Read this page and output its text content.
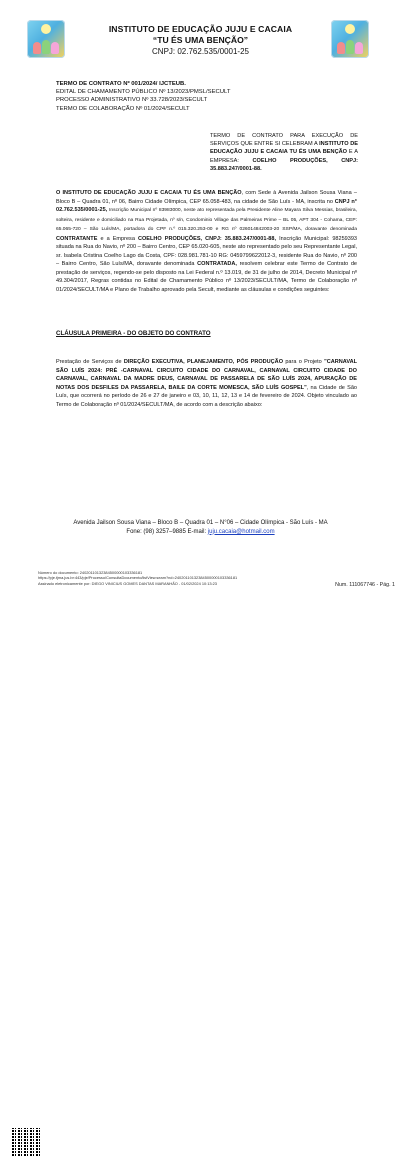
INSTITUTO DE EDUCAÇÃO JUJU E CACAIA
“TU ÉS UMA BENÇÃO”
CNPJ: 02.762.535/0001-25
TERMO DE CONTRATO Nº 001/2024/ IJCTEUB.
EDITAL DE CHAMAMENTO PÚBLICO Nº 13/2023/PMSL/SECULT
PROCESSO ADMINISTRATIVO Nº 33.728/2023/SECULT
TERMO DE COLABORAÇÃO Nº 01/2024/SECULT
TERMO DE CONTRATO PARA EXECUÇÃO DE SERVIÇOS QUE ENTRE SI CELEBRAM A INSTITUTO DE EDUCAÇÃO JUJU E CACAIA TU ÉS UMA BENÇÃO E A EMPRESA: COELHO PRODUÇÕES, CNPJ: 35.883.247/0001-88.
O INSTITUTO DE EDUCAÇÃO JUJU E CACAIA TU ÉS UMA BENÇÃO, com Sede à Avenida Jailson Sousa Viana – Bloco B – Quadra 01, nº 06, Bairro Cidade Olímpica, CEP 65.058-483, na cidade de São Luís - MA, inscrita no CNPJ n° 02.762.535/0001-25, Inscrição Municipal nº 83983000, neste ato representada pela Presidente Aline Mayara Silva Messias, brasileira, solteira, residente e domiciliado na Rua Projetada, nº s/n, Condominio Village das Palmeiras Prime – BL 05, APT 304 - Cohama, CEP: 65.065-720 – São Luís/MA, portadora do CPF n.º 015.320.253-00 e RG nº 026014842003-20 SSP/MA, doravante denominada CONTRATANTE e a Empresa COELHO PRODUÇÕES, CNPJ: 35.883.247/0001-88, Inscrição Municipal: 98259393 situada na Rua do Navio, nº 200 – Bairro Centro, CEP 65.020-605, neste ato representado pelo seu Representante Legal, sr. Isabela Cristina Coelho Lago da Costa, CPF: 028.981.781-10 RG: 0459799622012-3, residente Rua do Navio, nº 200 – Bairro Centro, São Luís/MA, doravante denominada CONTRATADA, resolvem celebrar este Termo de Contrato de prestação de serviços, regendo-se pelo disposto na Lei Federal n.º 13.019, de 31 de julho de 2014, Decreto Municipal nº 49.304/2017, Regras contidas no Edital de Chamamento Público nº 13/2023/SECULT/MA, Termo de Colaboração nº 01/2024/SECULT/MA e Plano de Trabalho aprovado pela Secult, mediante as cláusulas e condições seguintes:
CLÁUSULA PRIMEIRA - DO OBJETO DO CONTRATO
Prestação de Serviços de DIREÇÃO EXECUTIVA, PLANEJAMENTO, PÓS PRODUÇÃO para o Projeto "CARNAVAL SÃO LUÍS 2024: PRÉ -CARNAVAL CIRCUITO CIDADE DO CARNAVAL, CARNAVAL CIRCUITO CIDADE DO CARNAVAL, CARNAVAL DA MADRE DEUS, CARNAVAL DE PASSARELA DE SÃO LUÍS 2024, APURAÇÃO DE NOTAS DOS DESFILES DA PASSARELA, BAILE DA CORTE MOMESCA, SÃO LUÍS GOSPEL", na Cidade de São Luís, que ocorrerá no período de 26 e 27 de janeiro e 03, 10, 11, 12, 13 e 14 de fevereiro de 2024. Objeto vinculado ao Termo de Colaboração nº 01/2024/SECULT/MA, de acordo com a descrição abaixo:
Avenida Jailson Sousa Viana – Bloco B – Quadra 01 – N°06 – Cidade Olímpica - São Luís - MA
Fone: (98) 3257–9885 E-mail: juju.cacaia@hotmail.com
Número do documento: 24020110132384500000103336181
https://pje.tjma.jus.br:443/pje/Processo/ConsultaDocumento/listView.seam?nd=24020110132384500000103336181
Assinado eletronicamente por: DIEGO VINICIUS GOMES DANTAS MARANHÃO - 01/02/2024 10:13:23	Num. 111067746 - Pág. 1
